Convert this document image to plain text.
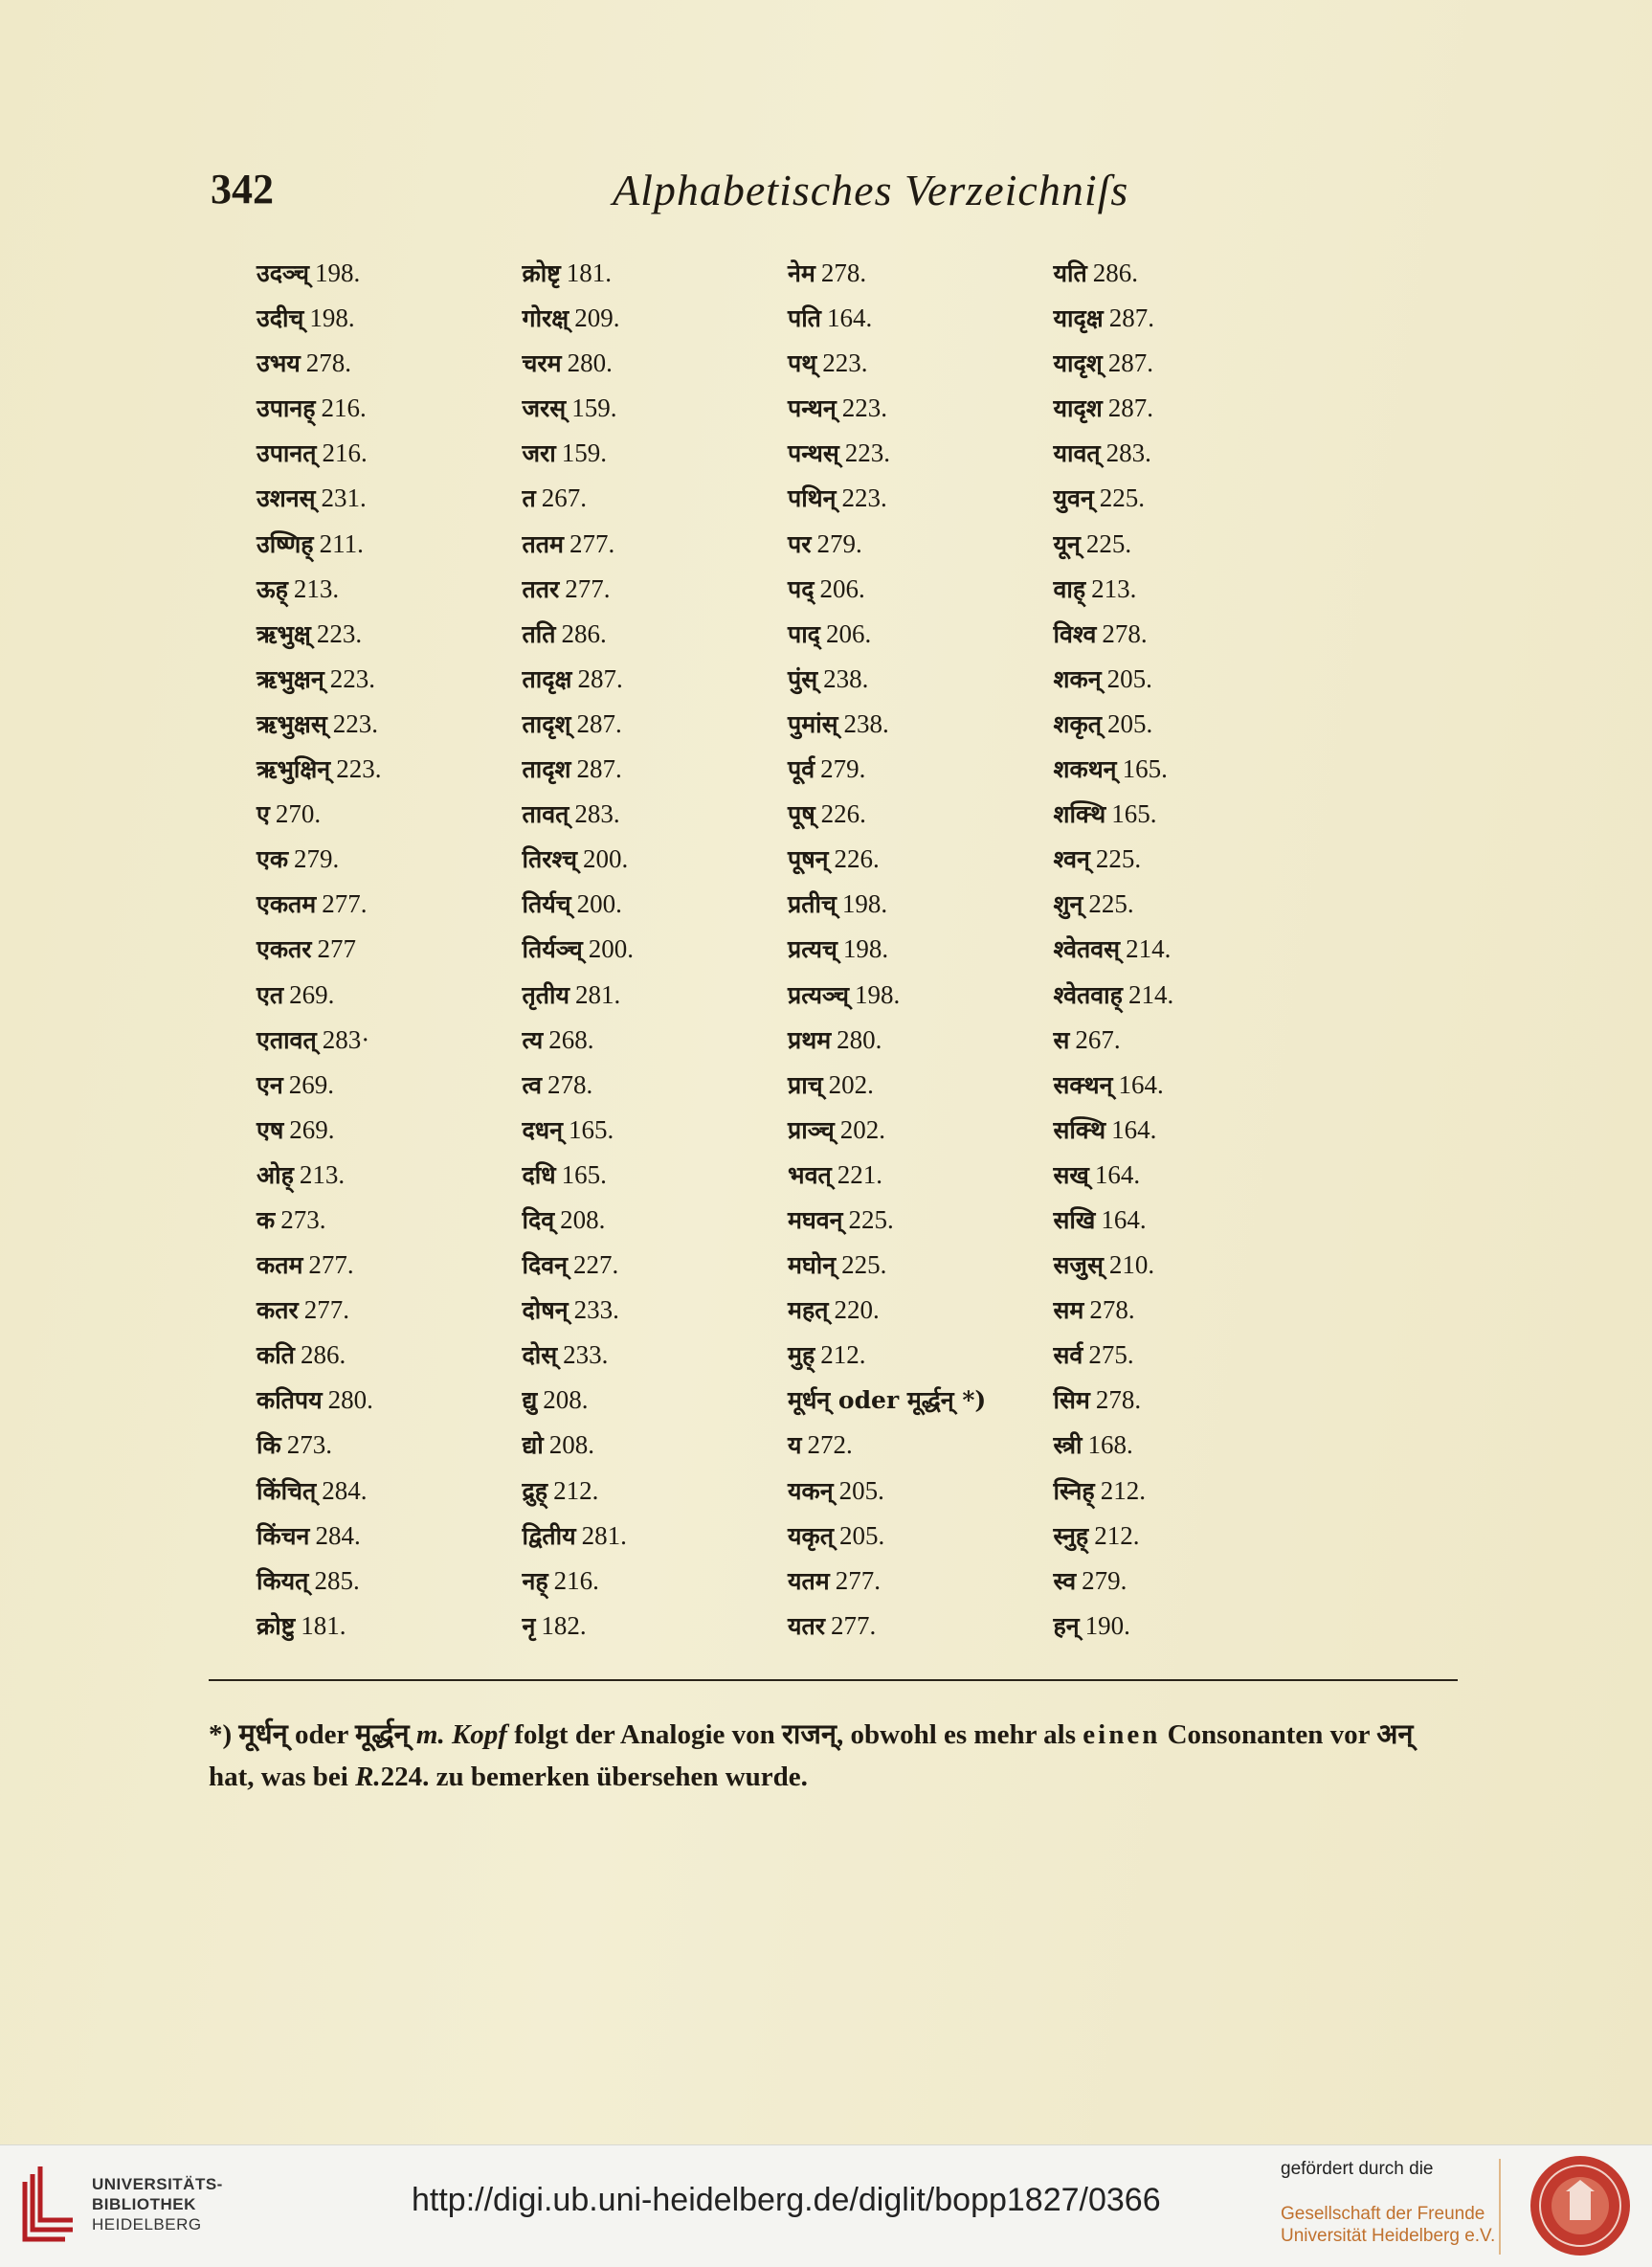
342	Alphabetisches Verzeichniſs
उदञ्च् 198.
उदीच् 198.
उभय 278.
उपानह् 216.
उपानत् 216.
उशनस् 231.
उष्णिह् 211.
ऊह् 213.
ऋभुक्ष् 223.
ऋभुक्षन् 223.
ऋभुक्षस् 223.
ऋभुक्षिन् 223.
ए 270.
एक 279.
एकतम 277.
एकतर 277
एत 269.
एतावत् 283·
एन 269.
एष 269.
ओह् 213.
क 273.
कतम 277.
कतर 277.
कति 286.
कतिपय 280.
कि 273.
किंचित् 284.
किंचन 284.
कियत् 285.
क्रोष्टु 181.
क्रोष्टृ 181.
गोरक्ष् 209.
चरम 280.
जरस् 159.
जरा 159.
त 267.
ततम 277.
ततर 277.
तति 286.
तादृक्ष 287.
तादृश् 287.
तादृश 287.
तावत् 283.
तिरश्च् 200.
तिर्यच् 200.
तिर्यञ्च् 200.
तृतीय 281.
त्य 268.
त्व 278.
दधन् 165.
दधि 165.
दिव् 208.
दिवन् 227.
दोषन् 233.
दोस् 233.
द्यु 208.
द्यो 208.
द्रुह् 212.
द्वितीय 281.
नह् 216.
नृ 182.
नेम 278.
पति 164.
पथ् 223.
पन्थन् 223.
पन्थस् 223.
पथिन् 223.
पर 279.
पद् 206.
पाद् 206.
पुंस् 238.
पुमांस् 238.
पूर्व 279.
पूष् 226.
पूषन् 226.
प्रतीच् 198.
प्रत्यच् 198.
प्रत्यञ्च् 198.
प्रथम 280.
प्राच् 202.
प्राञ्च् 202.
भवत् 221.
मघवन् 225.
मघोन् 225.
महत् 220.
मुह् 212.
मूर्धन् oder मूर्द्धन् *)
य 272.
यकन् 205.
यकृत् 205.
यतम 277.
यतर 277.
यति 286.
यादृक्ष 287.
यादृश् 287.
यादृश 287.
यावत् 283.
युवन् 225.
यून् 225.
वाह् 213.
विश्व 278.
शकन् 205.
शकृत् 205.
शकथन् 165.
शक्थि 165.
श्वन् 225.
शुन् 225.
श्वेतवस् 214.
श्वेतवाह् 214.
स 267.
सक्थन् 164.
सक्थि 164.
सख् 164.
सखि 164.
सजुस् 210.
सम 278.
सर्व 275.
सिम 278.
स्त्री 168.
स्निह् 212.
स्नुह् 212.
स्व 279.
हन् 190.
*) मूर्धन् oder मूर्द्धन् m. Kopf folgt der Analogie von राजन्, obwohl es mehr als einen Consonanten vor अन् hat, was bei R.224. zu bemerken übersehen wurde.
UNIVERSITÄTS-
BIBLIOTHEK
HEIDELBERG
http://digi.ub.uni-heidelberg.de/diglit/bopp1827/0366
gefördert durch die
Gesellschaft der Freunde
Universität Heidelberg e.V.
